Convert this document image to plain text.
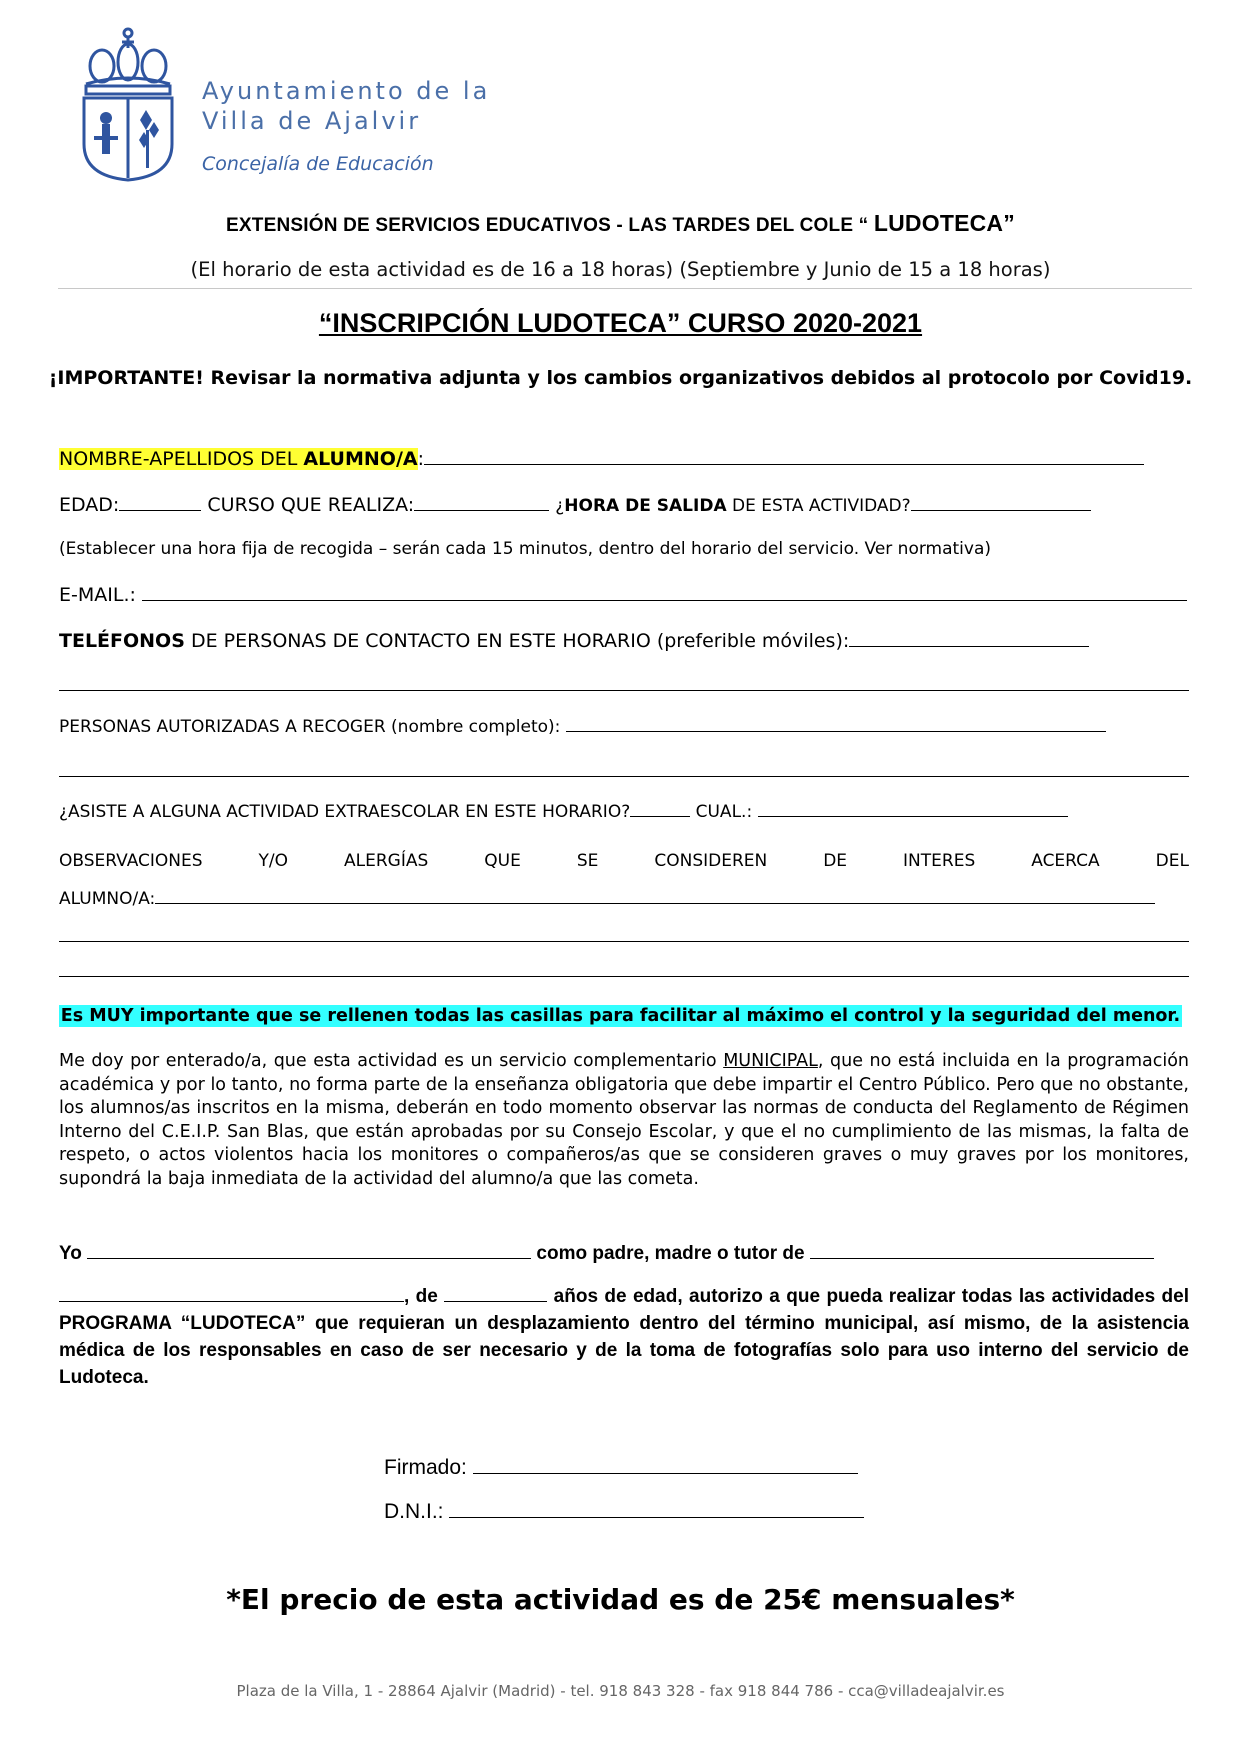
Ayuntamiento de la
Villa de Ajalvir
Concejalía de Educación
EXTENSIÓN DE SERVICIOS EDUCATIVOS - LAS TARDES DEL COLE “ LUDOTECA”
(El horario de esta actividad es de 16 a 18 horas) (Septiembre y Junio de 15 a 18 horas)
“INSCRIPCIÓN LUDOTECA” CURSO 2020-2021
¡IMPORTANTE! Revisar la normativa adjunta y los cambios organizativos debidos al protocolo por Covid19.
NOMBRE-APELLIDOS DEL ALUMNO/A:
EDAD:	CURSO QUE REALIZA:	¿HORA DE SALIDA DE ESTA ACTIVIDAD?
(Establecer una hora fija de recogida – serán cada 15 minutos, dentro del horario del servicio. Ver normativa)
E-MAIL.:
TELÉFONOS DE PERSONAS DE CONTACTO EN ESTE HORARIO (preferible móviles):
PERSONAS AUTORIZADAS A RECOGER (nombre completo):
¿ASISTE A ALGUNA ACTIVIDAD EXTRAESCOLAR EN ESTE HORARIO?	CUAL.:
OBSERVACIONES	Y/O	ALERGÍAS	QUE	SE	CONSIDEREN	DE	INTERES	ACERCA	DEL
ALUMNO/A:
Es MUY importante que se rellenen todas las casillas para facilitar al máximo el control y la seguridad del menor.
Me doy por enterado/a, que esta actividad es un servicio complementario MUNICIPAL, que no está incluida en la programación académica y por lo tanto, no forma parte de la enseñanza obligatoria que debe impartir el Centro Público. Pero que no obstante, los alumnos/as inscritos en la misma, deberán en todo momento observar las normas de conducta del Reglamento de Régimen Interno del C.E.I.P. San Blas, que están aprobadas por su Consejo Escolar, y que el no cumplimiento de las mismas, la falta de respeto, o actos violentos hacia los monitores o compañeros/as que se consideren graves o muy graves por los monitores, supondrá la baja inmediata de la actividad del alumno/a que las cometa.
Yo	como padre, madre o tutor de
, de	años de edad, autorizo a que pueda realizar todas las actividades del PROGRAMA “LUDOTECA” que requieran un desplazamiento dentro del término municipal, así mismo, de la asistencia médica de los responsables en caso de ser necesario y de la toma de fotografías solo para uso interno del servicio de Ludoteca.
Firmado:
D.N.I.:
*El precio de esta actividad es de 25€ mensuales*
Plaza de la Villa, 1 - 28864 Ajalvir (Madrid) - tel. 918 843 328 - fax 918 844 786 - cca@villadeajalvir.es
